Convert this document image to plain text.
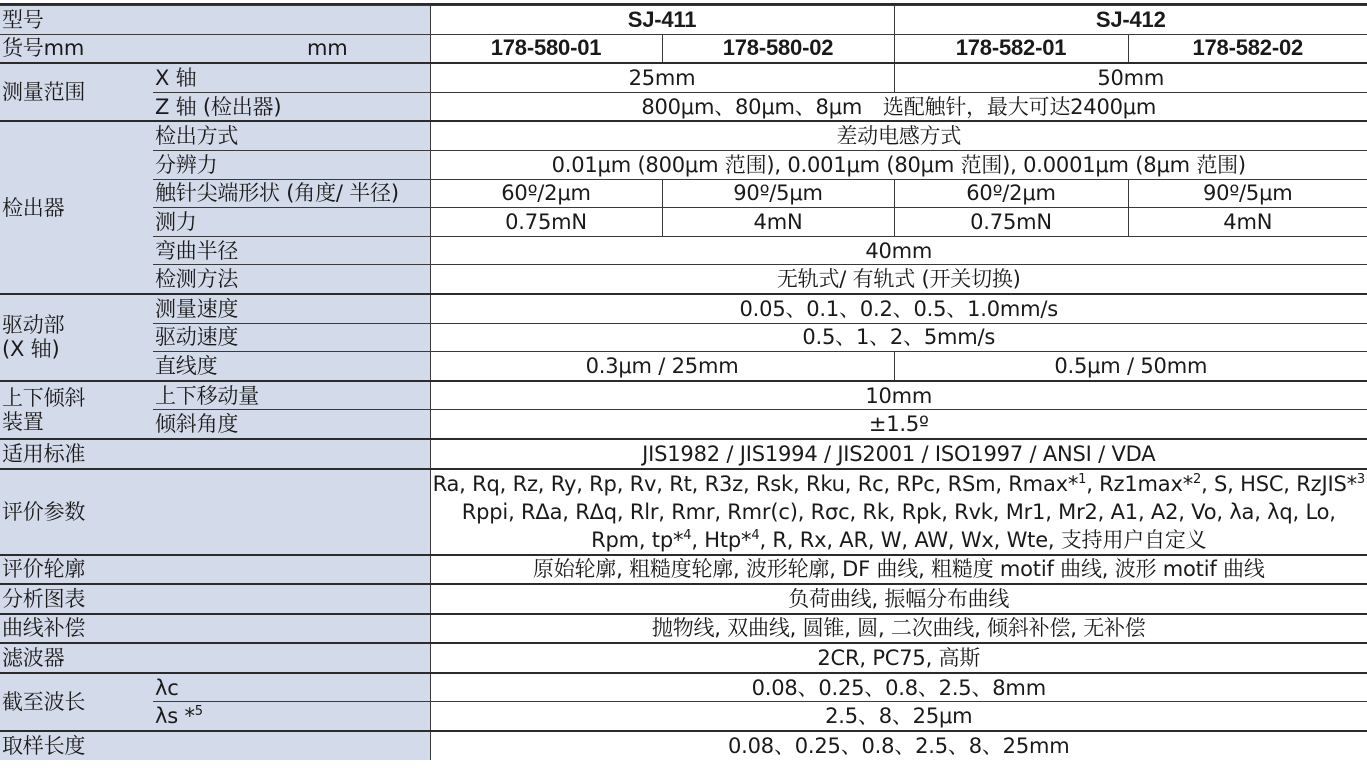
型号		SJ-411		SJ-412	

货号mm mm		178-580-01	178-580-02	178-582-01	178-582-02
测量范围	X 轴	25mm		50mm	
	Z 轴 (检出器)	800μm、80μm、8μm　选配触针，最大可达2400μm			
检出器	检出方式	差动电感方式			
	分辨力	0.01μm (800μm 范围), 0.001μm (80μm 范围), 0.0001μm (8μm 范围)			
	触针尖端形状 (角度/ 半径)	60º/2μm	90º/5μm	60º/2μm	90º/5μm
	测力	0.75mN	4mN	0.75mN	4mN
	弯曲半径	40mm			
	检测方法	无轨式/ 有轨式 (开关切换)			

驱动部
(X 轴)	测量速度	0.05、0.1、0.2、0.5、1.0mm/s			
	驱动速度	0.5、1、2、5mm/s			
	直线度	0.3μm / 25mm		0.5μm / 50mm	

上下倾斜
装置	上下移动量	10mm			
	倾斜角度	±1.5º			
适用标准		JIS1982 / JIS1994 / JIS2001 / ISO1997 / ANSI / VDA			
评价参数		Ra, Rq, Rz, Ry, Rp, Rv, Rt, R3z, Rsk, Rku, Rc, RPc, RSm, Rmax*$^1$, Rz1max*$^2$, S, HSC, RzJIS*$^3$
Rppi, RΔa, RΔq, Rlr, Rmr, Rmr(c), Rσc, Rk, Rpk, Rvk, Mr1, Mr2, A1, A2, Vo, λa, λq, Lo,
Rpm, tp*$^4$, Htp*$^4$, R, Rx, AR, W, AW, Wx, Wte, 支持用户自定义			

评价轮廓		原始轮廓, 粗糙度轮廓, 波形轮廓, DF 曲线, 粗糙度 motif 曲线, 波形 motif 曲线			
分析图表		负荷曲线, 振幅分布曲线			
曲线补偿		抛物线, 双曲线, 圆锥, 圆, 二次曲线, 倾斜补偿, 无补偿			
滤波器		2CR, PC75, 高斯			
截至波长	λc	0.08、0.25、0.8、2.5、8mm			
	λs *$^5$	2.5、8、25μm			
取样长度		0.08、0.25、0.8、2.5、8、25mm			
